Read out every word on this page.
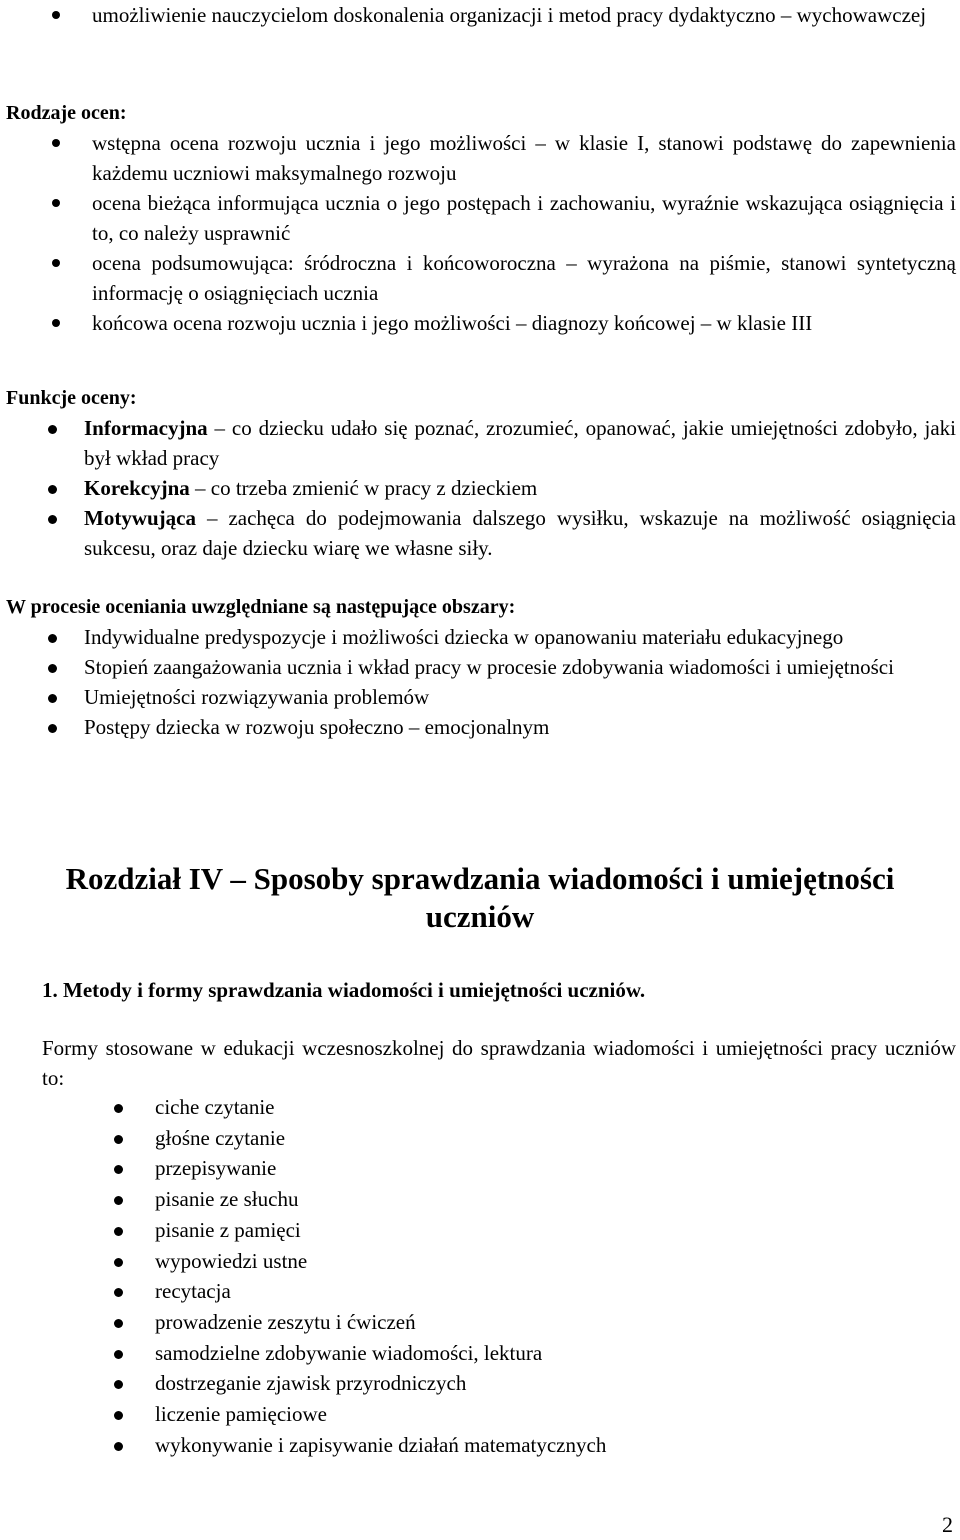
umożliwienie nauczycielom doskonalenia organizacji i metod pracy dydaktyczno – wychowawczej
Rodzaje ocen:
wstępna ocena rozwoju ucznia i jego możliwości – w klasie I, stanowi podstawę do zapewnienia każdemu uczniowi maksymalnego rozwoju
ocena bieżąca informująca ucznia o jego postępach i zachowaniu, wyraźnie wskazująca osiągnięcia i to, co należy usprawnić
ocena podsumowująca: śródroczna i końcoworoczna – wyrażona na piśmie, stanowi syntetyczną informację o osiągnięciach ucznia
końcowa ocena rozwoju ucznia i jego możliwości – diagnozy końcowej – w klasie III
Funkcje oceny:
Informacyjna – co dziecku udało się poznać, zrozumieć, opanować, jakie umiejętności zdobyło, jaki był wkład pracy
Korekcyjna – co trzeba zmienić w pracy z dzieckiem
Motywująca – zachęca do podejmowania dalszego wysiłku, wskazuje na możliwość osiągnięcia sukcesu, oraz daje dziecku wiarę we własne siły.
W procesie oceniania uwzględniane są następujące obszary:
Indywidualne predyspozycje i możliwości dziecka w opanowaniu materiału edukacyjnego
Stopień zaangażowania ucznia i wkład pracy w procesie zdobywania wiadomości i umiejętności
Umiejętności rozwiązywania problemów
Postępy dziecka w rozwoju społeczno – emocjonalnym
Rozdział IV – Sposoby sprawdzania wiadomości i umiejętności
uczniów
1. Metody i formy sprawdzania wiadomości i umiejętności uczniów.
Formy stosowane w edukacji wczesnoszkolnej do sprawdzania wiadomości i umiejętności pracy uczniów to:
ciche czytanie
głośne czytanie
przepisywanie
pisanie ze słuchu
pisanie z pamięci
wypowiedzi ustne
recytacja
prowadzenie zeszytu i ćwiczeń
samodzielne zdobywanie wiadomości, lektura
dostrzeganie zjawisk przyrodniczych
liczenie pamięciowe
wykonywanie i zapisywanie działań matematycznych
2
